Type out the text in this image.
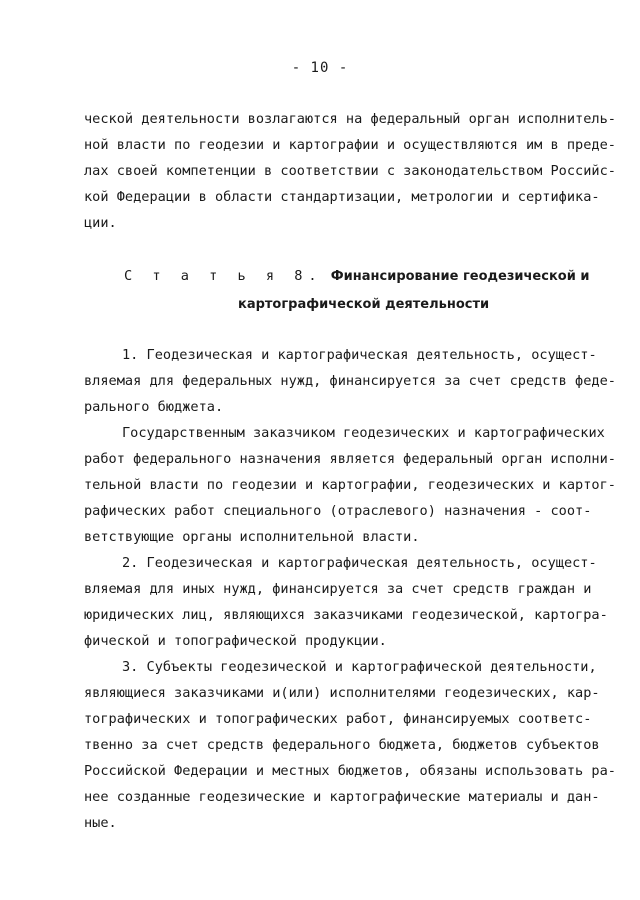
- 10 -
ческой деятельности возлагаются на федеральный орган исполнитель-
ной власти по геодезии и картографии и осуществляются им в преде-
лах своей компетенции в соответствии с законодательством Российс-
кой Федерации в области стандартизации, метрологии и сертифика-
ции.
С т а т ь я 8. Финансирование геодезической и
картографической деятельности
1. Геодезическая и картографическая деятельность, осущест-
вляемая для федеральных нужд, финансируется за счет средств феде-
рального бюджета.
Государственным заказчиком геодезических и картографических
работ федерального назначения является федеральный орган исполни-
тельной власти по геодезии и картографии, геодезических и картог-
рафических работ специального (отраслевого) назначения - соот-
ветствующие органы исполнительной власти.
2. Геодезическая и картографическая деятельность, осущест-
вляемая для иных нужд, финансируется за счет средств граждан и
юридических лиц, являющихся заказчиками геодезической, картогра-
фической и топографической продукции.
3. Субъекты геодезической и картографической деятельности,
являющиеся заказчиками и(или) исполнителями геодезических, кар-
тографических и топографических работ, финансируемых соответс-
твенно за счет средств федерального бюджета, бюджетов субъектов
Российской Федерации и местных бюджетов, обязаны использовать ра-
нее созданные геодезические и картографические материалы и дан-
ные.
